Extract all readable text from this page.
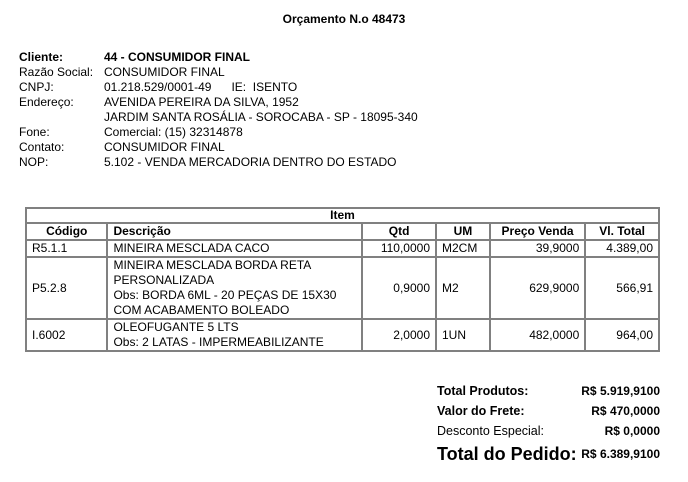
Orçamento N.o 48473
Cliente:	44 - CONSUMIDOR FINAL
Razão Social: CONSUMIDOR FINAL
CNPJ:	01.218.529/0001-49 IE: ISENTO
Endereço:	AVENIDA PEREIRA DA SILVA, 1952
JARDIM SANTA ROSÁLIA - SOROCABA - SP - 18095-340
Fone:	Comercial: (15) 32314878
Contato:	CONSUMIDOR FINAL
NOP:	5.102 - VENDA MERCADORIA DENTRO DO ESTADO
Item					
Código	Descrição	Qtd	UM	Preço Venda	Vl. Total
R5.1.1	MINEIRA MESCLADA CACO	110,0000	M2CM	39,9000	4.389,00
P5.2.8	MINEIRA MESCLADA BORDA RETA
PERSONALIZADA
Obs: BORDA 6ML - 20 PEÇAS DE 15X30
COM ACABAMENTO BOLEADO	0,9000	M2	629,9000	566,91
I.6002	OLEOFUGANTE 5 LTS
Obs: 2 LATAS - IMPERMEABILIZANTE	2,0000	1UN	482,0000	964,00
Total Produtos:	R$ 5.919,9100
Valor do Frete:	R$ 470,0000
Desconto Especial:	R$ 0,0000
Total do Pedido: R$ 6.389,9100
